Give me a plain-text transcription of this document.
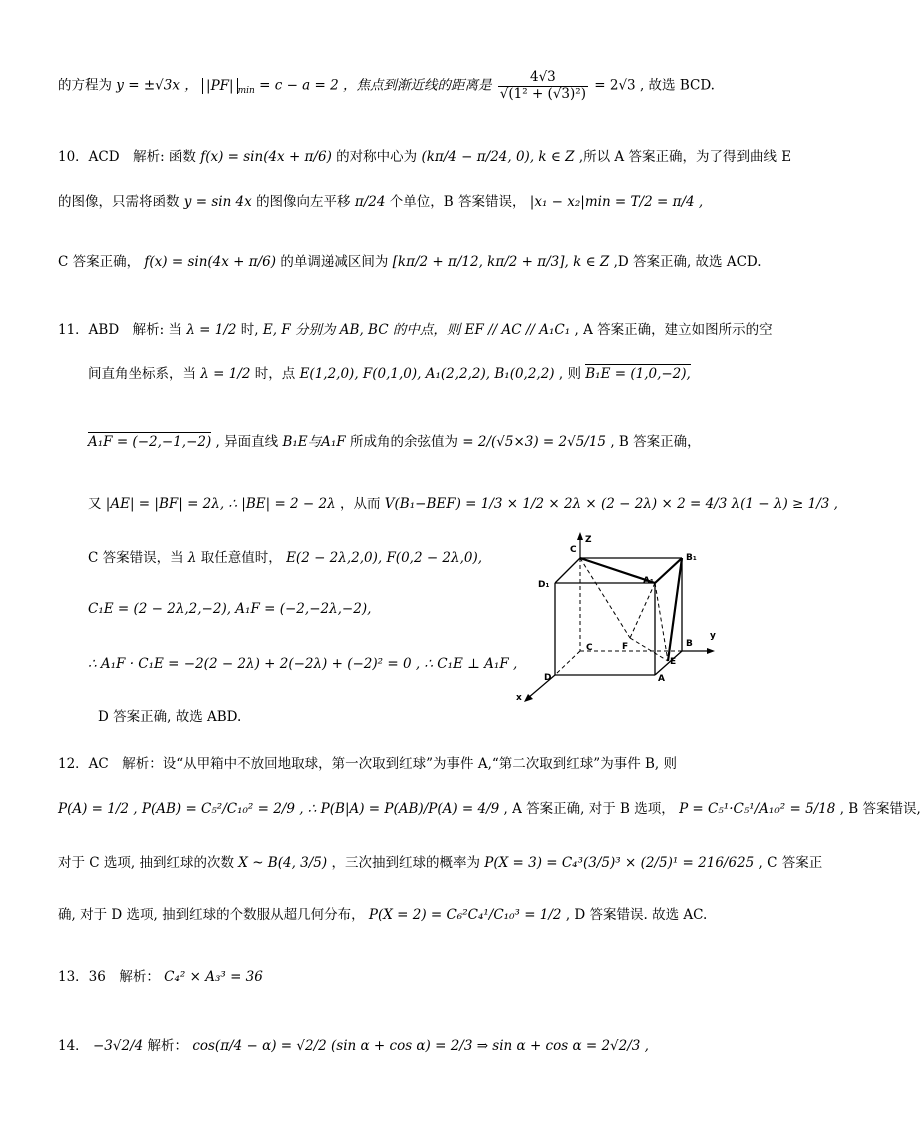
的方程为 y = ±√3x ， |PF| $_{min}$ = c − a = 2 ，焦点到渐近线的距离是 $\frac{4√3}{\text{√(1² + (√3)²)}} = 2√3$ , 故选 BCD.
10．ACD　解析: 函数 f(x) = sin(4x + π/6) 的对称中心为 (kπ/4 − π/24, 0), k ∈ Z ,所以 A 答案正确，为了得到曲线 E
的图像，只需将函数 y = sin 4x 的图像向左平移 π/24 个单位，B 答案错误， |x₁ − x₂|min = T/2 = π/4 ,
C 答案正确， f(x) = sin(4x + π/6) 的单调递减区间为 [kπ/2 + π/12, kπ/2 + π/3], k ∈ Z ,D 答案正确, 故选 ACD.
11．ABD　解析: 当 λ = 1/2 时, E, F 分别为 AB, BC 的中点，则 EF // AC // A₁C₁ , A 答案正确，建立如图所示的空
间直角坐标系，当 λ = 1/2 时，点 E(1,2,0), F(0,1,0), A₁(2,2,2), B₁(0,2,2) , 则 B₁E = (1,0,−2),
A₁F = (−2,−1,−2) , 异面直线 B₁E与A₁F 所成角的余弦值为 = 2/(√5×3) = 2√5/15 , B 答案正确，
又 |AE| = |BF| = 2λ, ∴ |BE| = 2 − 2λ ，从而 V(B₁−BEF) = 1/3 × 1/2 × 2λ × (2 − 2λ) × 2 = 4/3 λ(1 − λ) ≥ 1/3 ,
C 答案错误，当 λ 取任意值时， E(2 − 2λ,2,0), F(0,2 − 2λ,0),
C₁E = (2 − 2λ,2,−2), A₁F = (−2,−2λ,−2),
∴ A₁F · C₁E = −2(2 − 2λ) + 2(−2λ) + (−2)² = 0 , ∴ C₁E ⊥ A₁F ,
D 答案正确, 故选 ABD.
C
Z
B₁
D₁	A₁
C	F	B
y
D
E
A
x
12．AC　解析：设“从甲箱中不放回地取球，第一次取到红球”为事件 A,“第二次取到红球”为事件 B, 则
P(A) = 1/2 , P(AB) = C₅²/C₁₀² = 2/9 , ∴ P(B|A) = P(AB)/P(A) = 4/9 , A 答案正确, 对于 B 选项， P = C₅¹·C₅¹/A₁₀² = 5/18 , B 答案错误,
对于 C 选项, 抽到红球的次数 X ~ B(4, 3/5) ，三次抽到红球的概率为 P(X = 3) = C₄³(3/5)³ × (2/5)¹ = 216/625 , C 答案正
确, 对于 D 选项, 抽到红球的个数服从超几何分布， P(X = 2) = C₆²C₄¹/C₁₀³ = 1/2 , D 答案错误. 故选 AC.
13．36　解析： C₄² × A₃³ = 36
14． −3√2/4 解析： cos(π/4 − α) = √2/2 (sin α + cos α) = 2/3 ⇒ sin α + cos α = 2√2/3 ,
